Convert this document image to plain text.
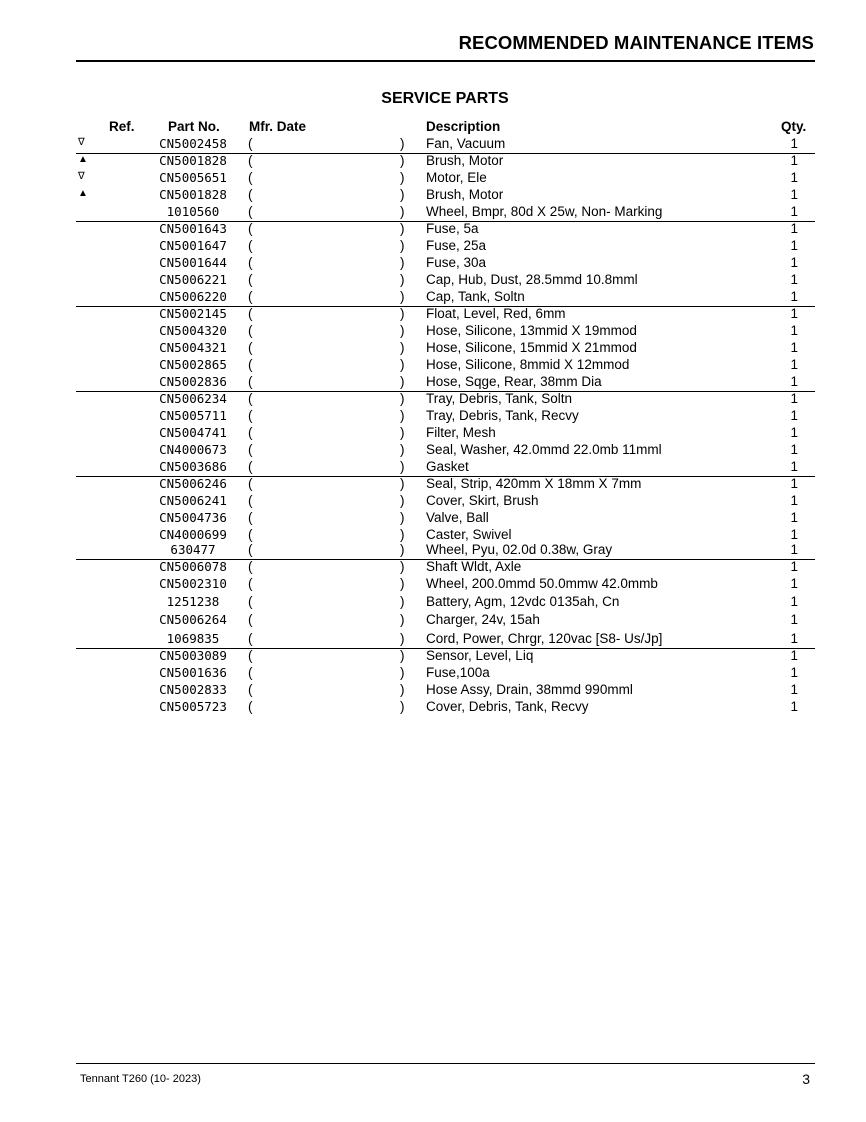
RECOMMENDED MAINTENANCE ITEMS
SERVICE PARTS
Ref. Part No. Mfr. Date	Description	Qty.
∇	CN5002458 (	) Fan, Vacuum	1
▲	CN5001828 (	) Brush, Motor	1
∇	CN5005651 (	) Motor, Ele	1
▲	CN5001828 (	) Brush, Motor	1
1010560	(	) Wheel, Bmpr, 80d X 25w, Non- Marking	1
CN5001643 (	) Fuse, 5a	1
CN5001647 (	) Fuse, 25a	1
CN5001644 (	) Fuse, 30a	1
CN5006221 (	) Cap, Hub, Dust, 28.5mmd 10.8mml	1
CN5006220 (	) Cap, Tank, Soltn	1
CN5002145 (	) Float, Level, Red, 6mm	1
CN5004320 (	) Hose, Silicone, 13mmid X 19mmod	1
CN5004321 (	) Hose, Silicone, 15mmid X 21mmod	1
CN5002865 (	) Hose, Silicone, 8mmid X 12mmod	1
CN5002836 (	) Hose, Sqge, Rear, 38mm Dia	1
CN5006234 (	) Tray, Debris, Tank, Soltn	1
CN5005711 (	) Tray, Debris, Tank, Recvy	1
CN5004741 (	) Filter, Mesh	1
CN4000673 (	) Seal, Washer, 42.0mmd 22.0mb 11mml	1
CN5003686 (	) Gasket	1
CN5006246 (	) Seal, Strip, 420mm X 18mm X 7mm	1
CN5006241 (	) Cover, Skirt, Brush	1
CN5004736 (	) Valve, Ball	1
CN4000699 (	) Caster, Swivel	1
630477	(	) Wheel, Pyu, 02.0d 0.38w, Gray	1
CN5006078 (	) Shaft Wldt, Axle	1
CN5002310 (	) Wheel, 200.0mmd 50.0mmw 42.0mmb	1
1251238	(	) Battery, Agm, 12vdc 0135ah, Cn	1
CN5006264 (	) Charger, 24v, 15ah	1
1069835	(	) Cord, Power, Chrgr, 120vac [S8- Us/Jp]	1
CN5003089 (	) Sensor, Level, Liq	1
CN5001636 (	) Fuse,100a	1
CN5002833 (	) Hose Assy, Drain, 38mmd 990mml	1
CN5005723 (	) Cover, Debris, Tank, Recvy	1
Tennant T260 (10- 2023)	3
